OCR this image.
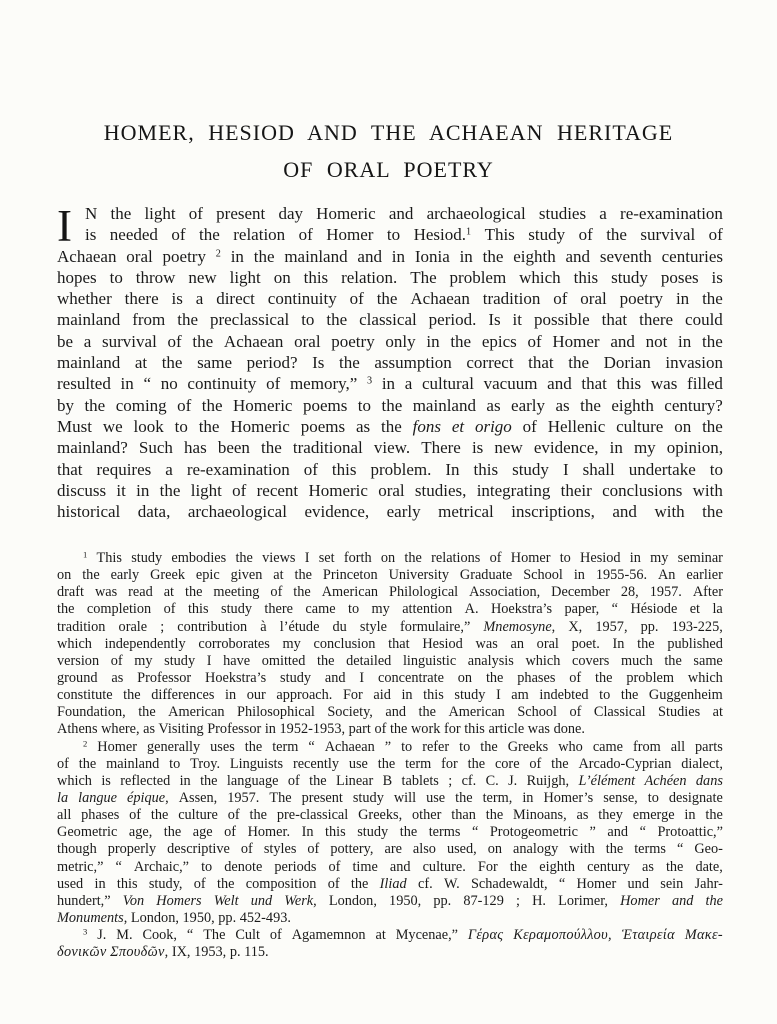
HOMER, HESIOD AND THE ACHAEAN HERITAGE
OF ORAL POETRY
I N the light of present day Homeric and archaeological studies a re-examination
is needed of the relation of Homer to Hesiod.$^1$ This study of the survival of
Achaean oral poetry $^2$ in the mainland and in Ionia in the eighth and seventh centuries
hopes to throw new light on this relation. The problem which this study poses is
whether there is a direct continuity of the Achaean tradition of oral poetry in the
mainland from the preclassical to the classical period. Is it possible that there could
be a survival of the Achaean oral poetry only in the epics of Homer and not in the
mainland at the same period? Is the assumption correct that the Dorian invasion
resulted in “ no continuity of memory,” $^3$ in a cultural vacuum and that this was filled
by the coming of the Homeric poems to the mainland as early as the eighth century?
Must we look to the Homeric poems as the fons et origo of Hellenic culture on the
mainland? Such has been the traditional view. There is new evidence, in my opinion,
that requires a re-examination of this problem. In this study I shall undertake to
discuss it in the light of recent Homeric oral studies, integrating their conclusions with
historical data, archaeological evidence, early metrical inscriptions, and with the
$^1$ This study embodies the views I set forth on the relations of Homer to Hesiod in my seminar
on the early Greek epic given at the Princeton University Graduate School in 1955-56. An earlier
draft was read at the meeting of the American Philological Association, December 28, 1957. After
the completion of this study there came to my attention A. Hoekstra’s paper, “ Hésiode et la
tradition orale ; contribution à l’étude du style formulaire,” Mnemosyne, X, 1957, pp. 193-225,
which independently corroborates my conclusion that Hesiod was an oral poet. In the published
version of my study I have omitted the detailed linguistic analysis which covers much the same
ground as Professor Hoekstra’s study and I concentrate on the phases of the problem which
constitute the differences in our approach. For aid in this study I am indebted to the Guggenheim
Foundation, the American Philosophical Society, and the American School of Classical Studies at
Athens where, as Visiting Professor in 1952-1953, part of the work for this article was done.
$^2$ Homer generally uses the term “ Achaean ” to refer to the Greeks who came from all parts
of the mainland to Troy. Linguists recently use the term for the core of the Arcado-Cyprian dialect,
which is reflected in the language of the Linear B tablets ; cf. C. J. Ruijgh, L’élément Achéen dans
la langue épique, Assen, 1957. The present study will use the term, in Homer’s sense, to designate
all phases of the culture of the pre-classical Greeks, other than the Minoans, as they emerge in the
Geometric age, the age of Homer. In this study the terms “ Protogeometric ” and “ Protoattic,”
though properly descriptive of styles of pottery, are also used, on analogy with the terms “ Geo-
metric,” “ Archaic,” to denote periods of time and culture. For the eighth century as the date,
used in this study, of the composition of the Iliad cf. W. Schadewaldt, “ Homer und sein Jahr-
hundert,” Von Homers Welt und Werk, London, 1950, pp. 87-129 ; H. Lorimer, Homer and the
Monuments, London, 1950, pp. 452-493.
$^3$ J. M. Cook, “ The Cult of Agamemnon at Mycenae,” Γέρας Κεραμοπούλλου, Ἑταιρεία Μακε-
δονικῶν Σπουδῶν, IX, 1953, p. 115.
